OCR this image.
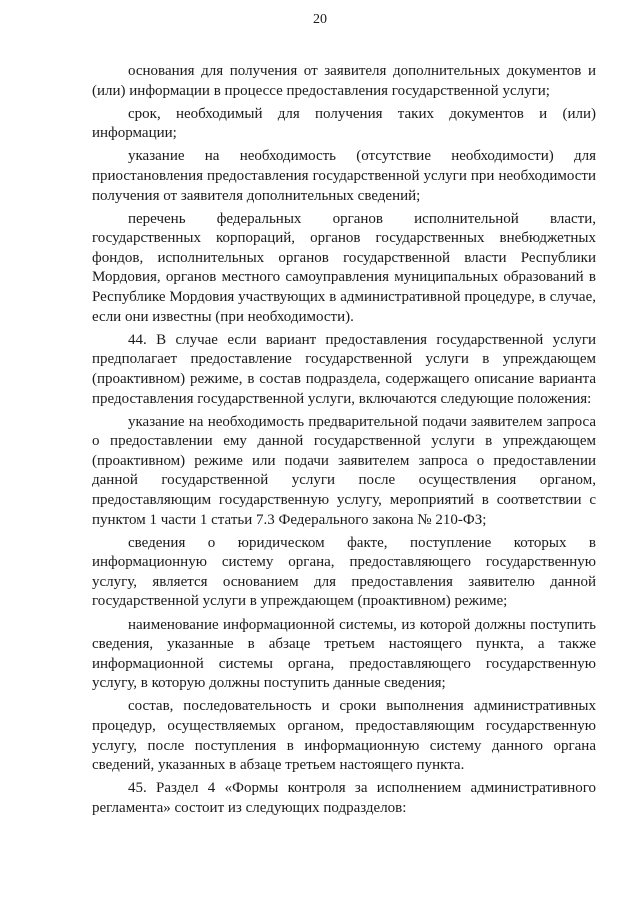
20

основания для получения от заявителя дополнительных документов и (или) информации в процессе предоставления государственной услуги;

срок, необходимый для получения таких документов и (или) информации;

указание на необходимость (отсутствие необходимости) для приостановления предоставления государственной услуги при необходимости получения от заявителя дополнительных сведений;

перечень федеральных органов исполнительной власти, государственных корпораций, органов государственных внебюджетных фондов, исполнительных органов государственной власти Республики Мордовия, органов местного самоуправления муниципальных образований в Республике Мордовия участвующих в административной процедуре, в случае, если они известны (при необходимости).

44. В случае если вариант предоставления государственной услуги предполагает предоставление государственной услуги в упреждающем (проактивном) режиме, в состав подраздела, содержащего описание варианта предоставления государственной услуги, включаются следующие положения:

указание на необходимость предварительной подачи заявителем запроса о предоставлении ему данной государственной услуги в упреждающем (проактивном) режиме или подачи заявителем запроса о предоставлении данной государственной услуги после осуществления органом, предоставляющим государственную услугу, мероприятий в соответствии с пунктом 1 части 1 статьи 7.3 Федерального закона № 210-ФЗ;

сведения о юридическом факте, поступление которых в информационную систему органа, предоставляющего государственную услугу, является основанием для предоставления заявителю данной государственной услуги в упреждающем (проактивном) режиме;

наименование информационной системы, из которой должны поступить сведения, указанные в абзаце третьем настоящего пункта, а также информационной системы органа, предоставляющего государственную услугу, в которую должны поступить данные сведения;

состав, последовательность и сроки выполнения административных процедур, осуществляемых органом, предоставляющим государственную услугу, после поступления в информационную систему данного органа сведений, указанных в абзаце третьем настоящего пункта.

45. Раздел 4 «Формы контроля за исполнением административного регламента» состоит из следующих подразделов:
